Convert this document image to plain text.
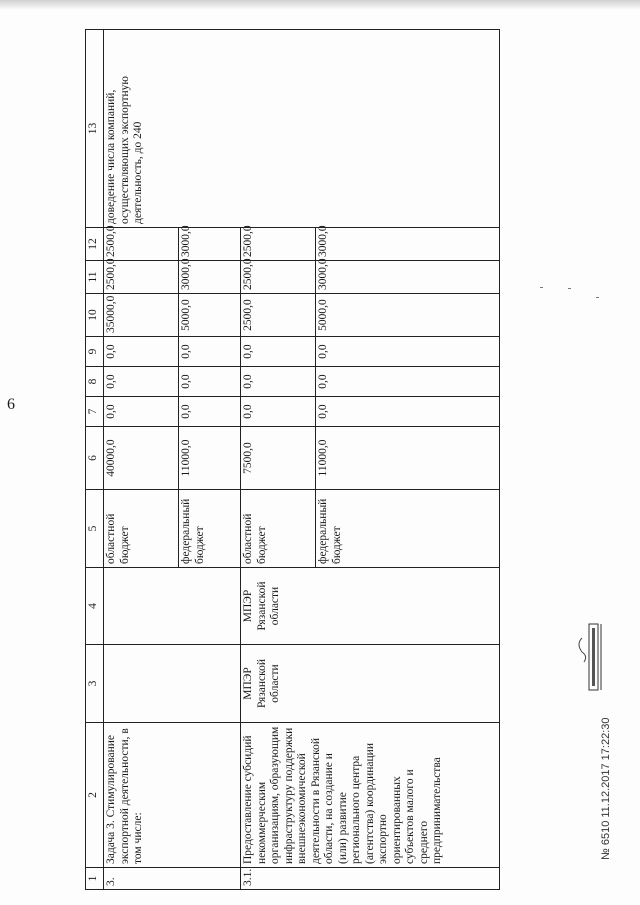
6
1	2	3	4	5	6	7	8	9	10	11	12	13
3.	Задача 3. Стимулирование экспортной деятельности, в том числе:			областной бюджет	40000,0	0,0	0,0	0,0	35000,0	2500,0	2500,0	доведение числа компаний, осуществляющих экспортную деятельность, до 240
				федеральный бюджет	11000,0	0,0	0,0	0,0	5000,0	3000,0	3000,0	
3.1.	Предоставление субсидий некоммерческим организациям, образующим инфраструктуру поддержки внешнеэкономической деятельности в Рязанской области, на создание и (или) развитие регионального центра (агентства) координации экспортно ориентированных субъектов малого и среднего предпринимательства	МПЭР Рязанской области	МПЭР Рязанской области	областной бюджет	7500,0	0,0	0,0	0,0	2500,0	2500,0	2500,0	
				федеральный бюджет	11000,0	0,0	0,0	0,0	5000,0	3000,0	3000,0	
№ 6510 11.12.2017 17:22:30
